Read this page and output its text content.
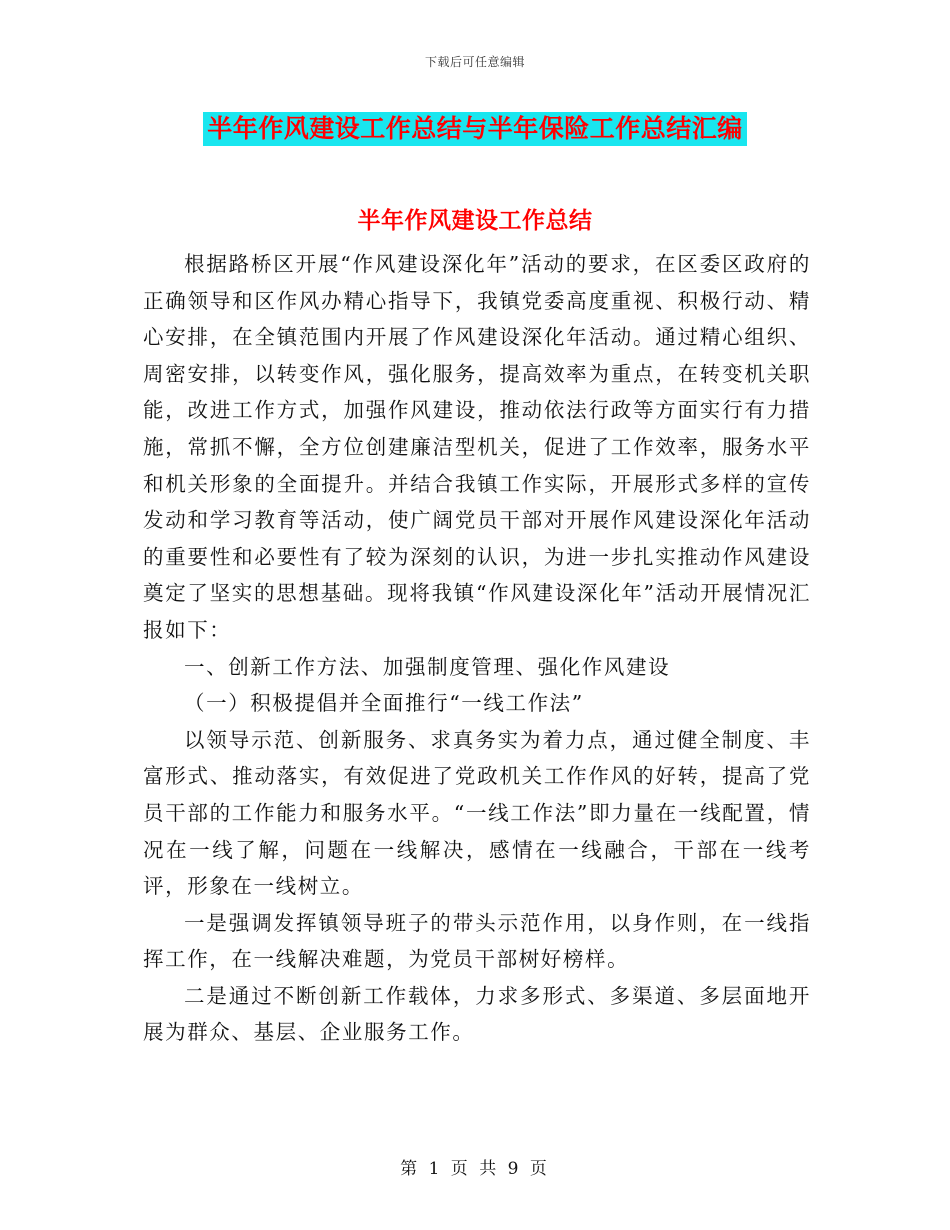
下载后可任意编辑
半年作风建设工作总结与半年保险工作总结汇编
半年作风建设工作总结

根据路桥区开展“作风建设深化年”活动的要求，在区委区政府的正确领导和区作风办精心指导下，我镇党委高度重视、积极行动、精心安排，在全镇范围内开展了作风建设深化年活动。通过精心组织、周密安排，以转变作风，强化服务，提高效率为重点，在转变机关职能，改进工作方式，加强作风建设，推动依法行政等方面实行有力措施，常抓不懈，全方位创建廉洁型机关，促进了工作效率，服务水平和机关形象的全面提升。并结合我镇工作实际，开展形式多样的宣传发动和学习教育等活动，使广阔党员干部对开展作风建设深化年活动的重要性和必要性有了较为深刻的认识，为进一步扎实推动作风建设奠定了坚实的思想基础。现将我镇“作风建设深化年”活动开展情况汇报如下：

一、创新工作方法、加强制度管理、强化作风建设

（一）积极提倡并全面推行“一线工作法”

以领导示范、创新服务、求真务实为着力点，通过健全制度、丰富形式、推动落实，有效促进了党政机关工作作风的好转，提高了党员干部的工作能力和服务水平。“一线工作法”即力量在一线配置，情况在一线了解，问题在一线解决，感情在一线融合，干部在一线考评，形象在一线树立。

一是强调发挥镇领导班子的带头示范作用，以身作则，在一线指挥工作，在一线解决难题，为党员干部树好榜样。

二是通过不断创新工作载体，力求多形式、多渠道、多层面地开展为群众、基层、企业服务工作。

第 1 页 共 9 页
